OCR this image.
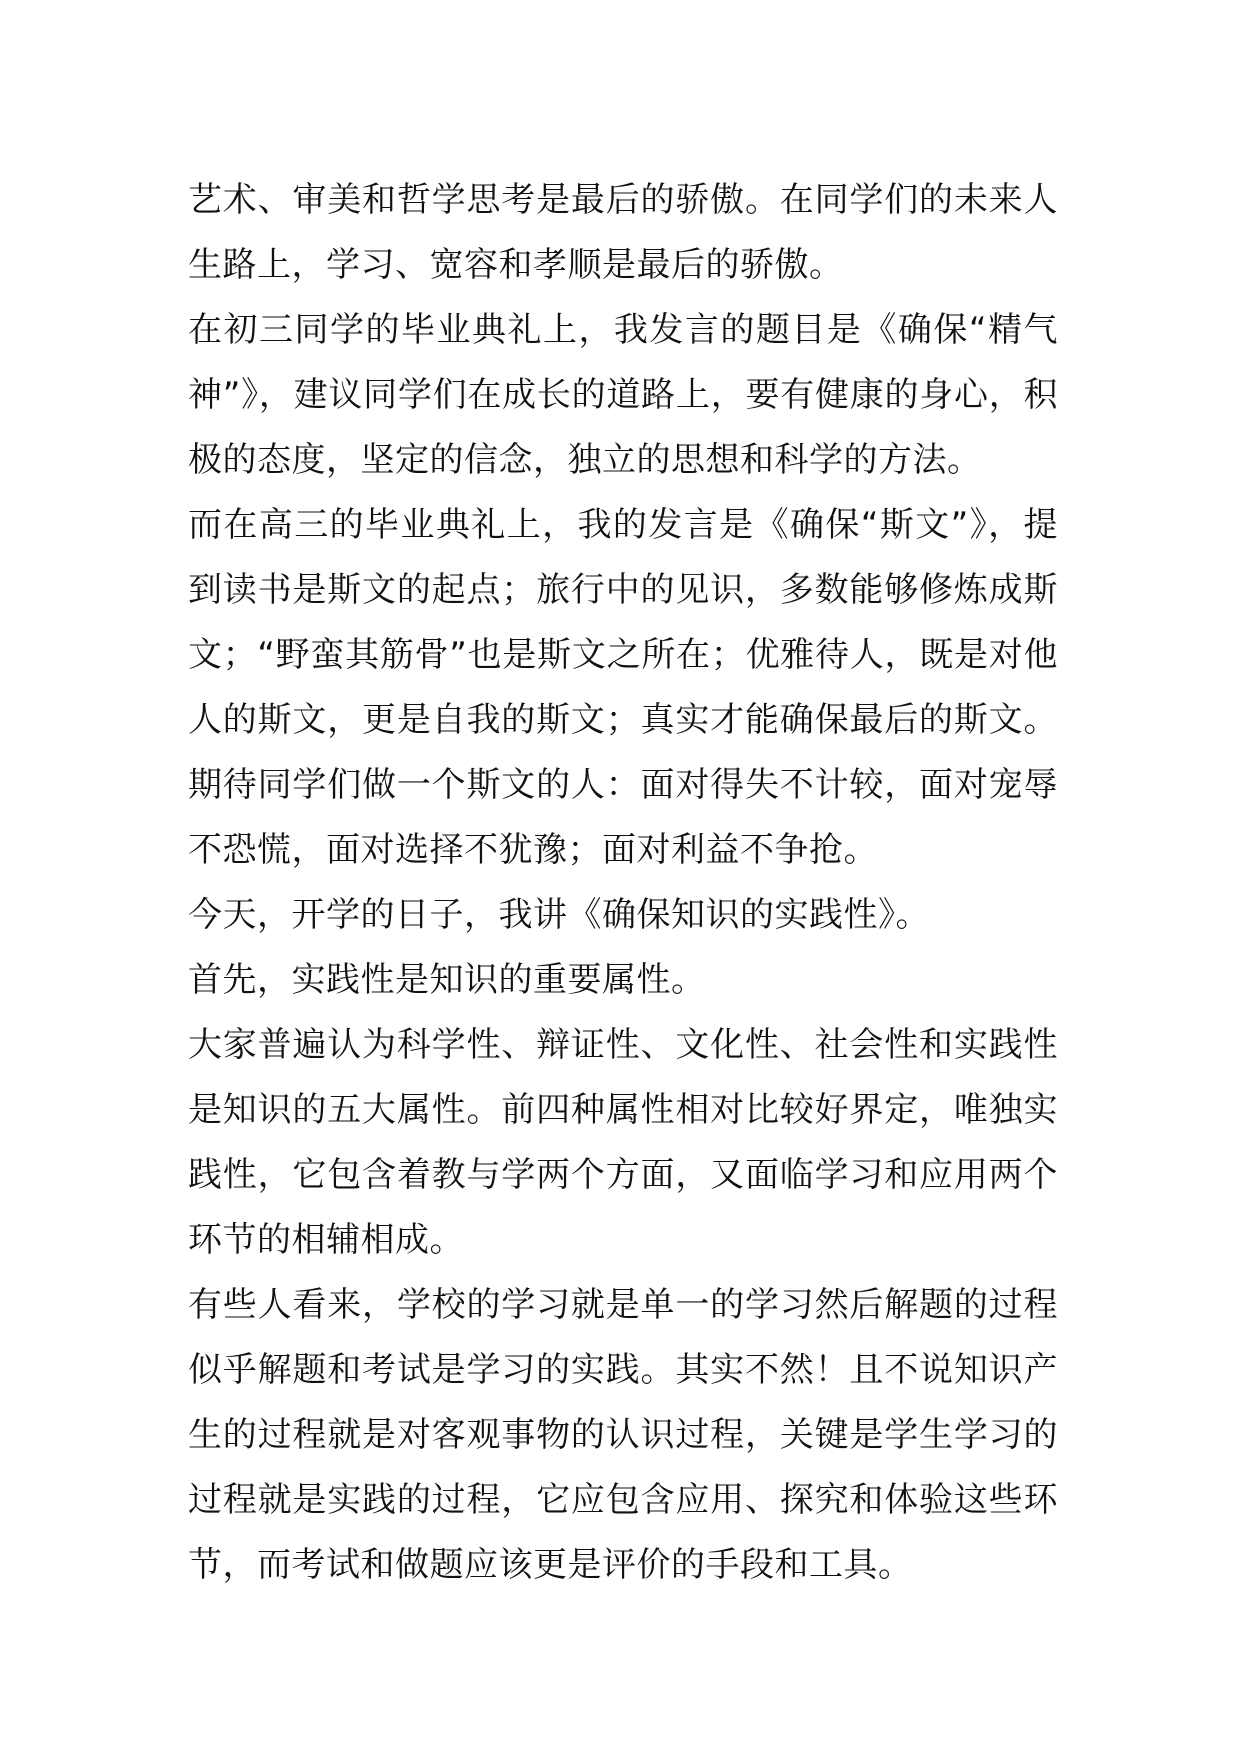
艺术、审美和哲学思考是最后的骄傲。在同学们的未来人生路上，学习、宽容和孝顺是最后的骄傲。

在初三同学的毕业典礼上，我发言的题目是《确保“精气神”》，建议同学们在成长的道路上，要有健康的身心，积极的态度，坚定的信念，独立的思想和科学的方法。

而在高三的毕业典礼上，我的发言是《确保“斯文”》，提到读书是斯文的起点；旅行中的见识，多数能够修炼成斯文；“野蛮其筋骨”也是斯文之所在；优雅待人，既是对他人的斯文，更是自我的斯文；真实才能确保最后的斯文。期待同学们做一个斯文的人：面对得失不计较，面对宠辱不恐慌，面对选择不犹豫；面对利益不争抢。

今天，开学的日子，我讲《确保知识的实践性》。

首先，实践性是知识的重要属性。

大家普遍认为科学性、辩证性、文化性、社会性和实践性是知识的五大属性。前四种属性相对比较好界定，唯独实践性，它包含着教与学两个方面，又面临学习和应用两个环节的相辅相成。

有些人看来，学校的学习就是单一的学习然后解题的过程似乎解题和考试是学习的实践。其实不然！且不说知识产生的过程就是对客观事物的认识过程，关键是学生学习的过程就是实践的过程，它应包含应用、探究和体验这些环节，而考试和做题应该更是评价的手段和工具。
